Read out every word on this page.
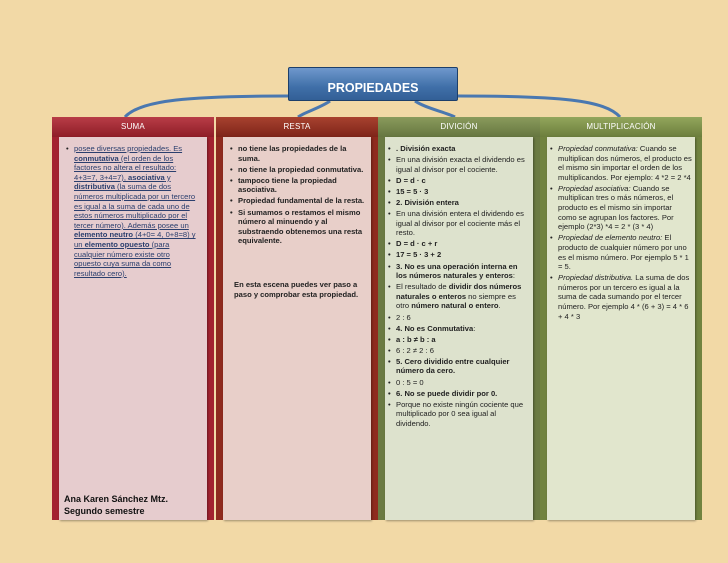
PROPIEDADES
SUMA
• posee diversas propiedades. Es conmutativa (el orden de los factores no altera el resultado: 4+3=7, 3+4=7), asociativa y distributiva (la suma de dos números multiplicada por un tercero es igual a la suma de cada uno de estos números multiplicado por el tercer número). Además posee un elemento neutro (4+0= 4, 0+8=8) y un elemento opuesto (para cualquier número existe otro opuesto cuya suma da como resultado cero).
RESTA
• no tiene las propiedades de la suma.
• no tiene la propiedad conmutativa.
• tampoco tiene la propiedad asociativa.
• Propiedad fundamental de la resta.
• Si sumamos o restamos el mismo número al minuendo y al substraendo obtenemos una resta equivalente.
En esta escena puedes ver paso a paso y comprobar esta propiedad.
DIVICIÓN
• . División exacta
• En una división exacta el dividendo es igual al divisor por el cociente.
• D = d · c
• 15 = 5 · 3
• 2. División entera
• En una división entera el dividendo es igual al divisor por el cociente más el resto.
• D = d · c + r
• 17 = 5 · 3 + 2
• 3. No es una operación interna en los números naturales y enteros:
• El resultado de dividir dos números naturales o enteros no siempre es otro número natural o entero.
• 2 : 6
• 4. No es Conmutativa:
• a : b ≠ b : a
• 6 : 2 ≠ 2 : 6
• 5. Cero dividido entre cualquier número da cero.
• 0 : 5 = 0
• 6. No se puede dividir por 0.
• Porque no existe ningún cociente que multiplicado por 0 sea igual al dividendo.
MULTIPLICACIÓN
• Propiedad conmutativa: Cuando se multiplican dos números, el producto es el mismo sin importar el orden de los multiplicandos. Por ejemplo: 4 *2 = 2 *4
• Propiedad asociativa: Cuando se multiplican tres o más números, el producto es el mismo sin importar como se agrupan los factores. Por ejemplo (2*3) *4 = 2 * (3 * 4)
• Propiedad de elemento neutro: El producto de cualquier número por uno es el mismo número. Por ejemplo 5 * 1 = 5.
• Propiedad distributiva. La suma de dos números por un tercero es igual a la suma de cada sumando por el tercer número. Por ejemplo 4 * (6 + 3) = 4 * 6 + 4 * 3
Ana Karen Sánchez Mtz.
Segundo semestre
